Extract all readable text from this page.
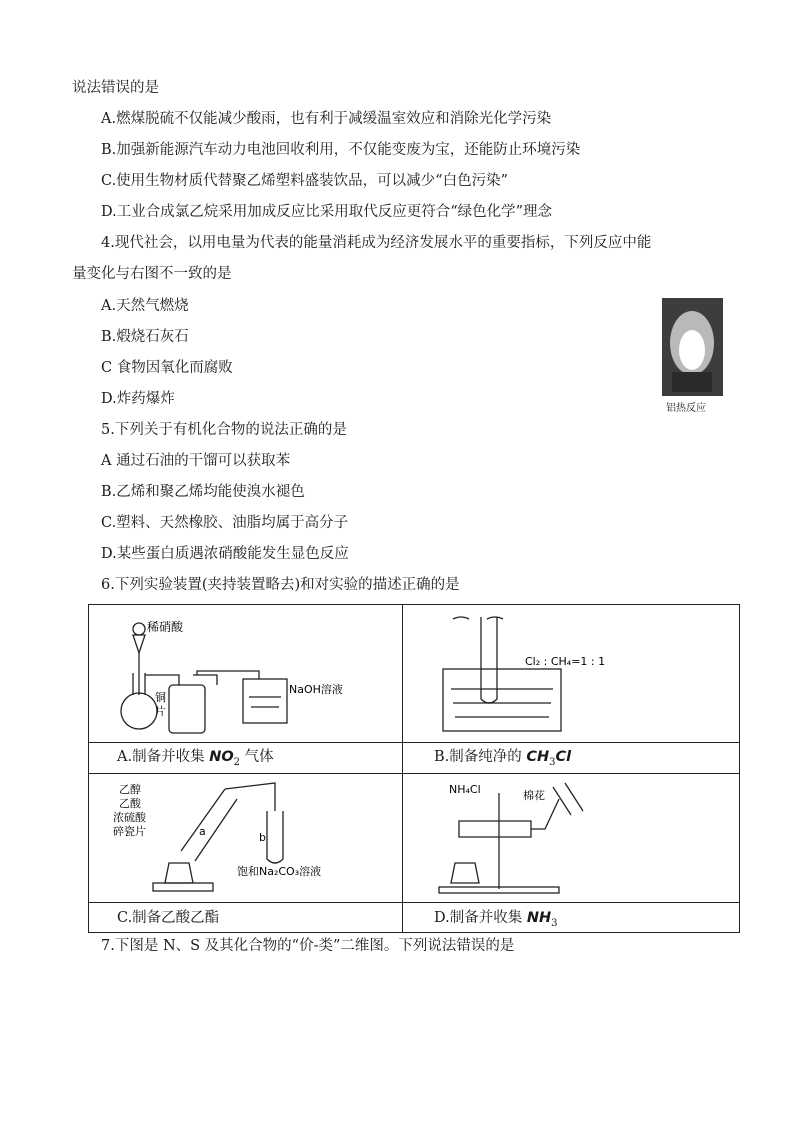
说法错误的是
A.燃煤脱硫不仅能减少酸雨，也有利于减缓温室效应和消除光化学污染
B.加强新能源汽车动力电池回收利用，不仅能变废为宝，还能防止环境污染
C.使用生物材质代替聚乙烯塑料盛装饮品，可以减少“白色污染”
D.工业合成氯乙烷采用加成反应比采用取代反应更符合“绿色化学”理念
4.现代社会，以用电量为代表的能量消耗成为经济发展水平的重要指标，下列反应中能
量变化与右图不一致的是
A.天然气燃烧
B.煅烧石灰石
C 食物因氧化而腐败
D.炸药爆炸
铝热反应
5.下列关于有机化合物的说法正确的是
A 通过石油的干馏可以获取苯
B.乙烯和聚乙烯均能使溴水褪色
C.塑料、天然橡胶、油脂均属于高分子
D.某些蛋白质遇浓硝酸能发生显色反应
6.下列实验装置(夹持装置略去)和对实验的描述正确的是
稀硝酸
铜
片
NaOH溶液
A.制备并收集 $NO_2$ 气体
Cl₂ : CH₄=1 : 1
B.制备纯净的 $CH_3Cl$
乙醇
乙酸
浓硫酸
碎瓷片	a	b
饱和Na₂CO₃溶液
C.制备乙酸乙酯
NH₄Cl	棉花
D.制备并收集 $NH_3$
7.下图是 N、S 及其化合物的“价-类”二维图。下列说法错误的是
